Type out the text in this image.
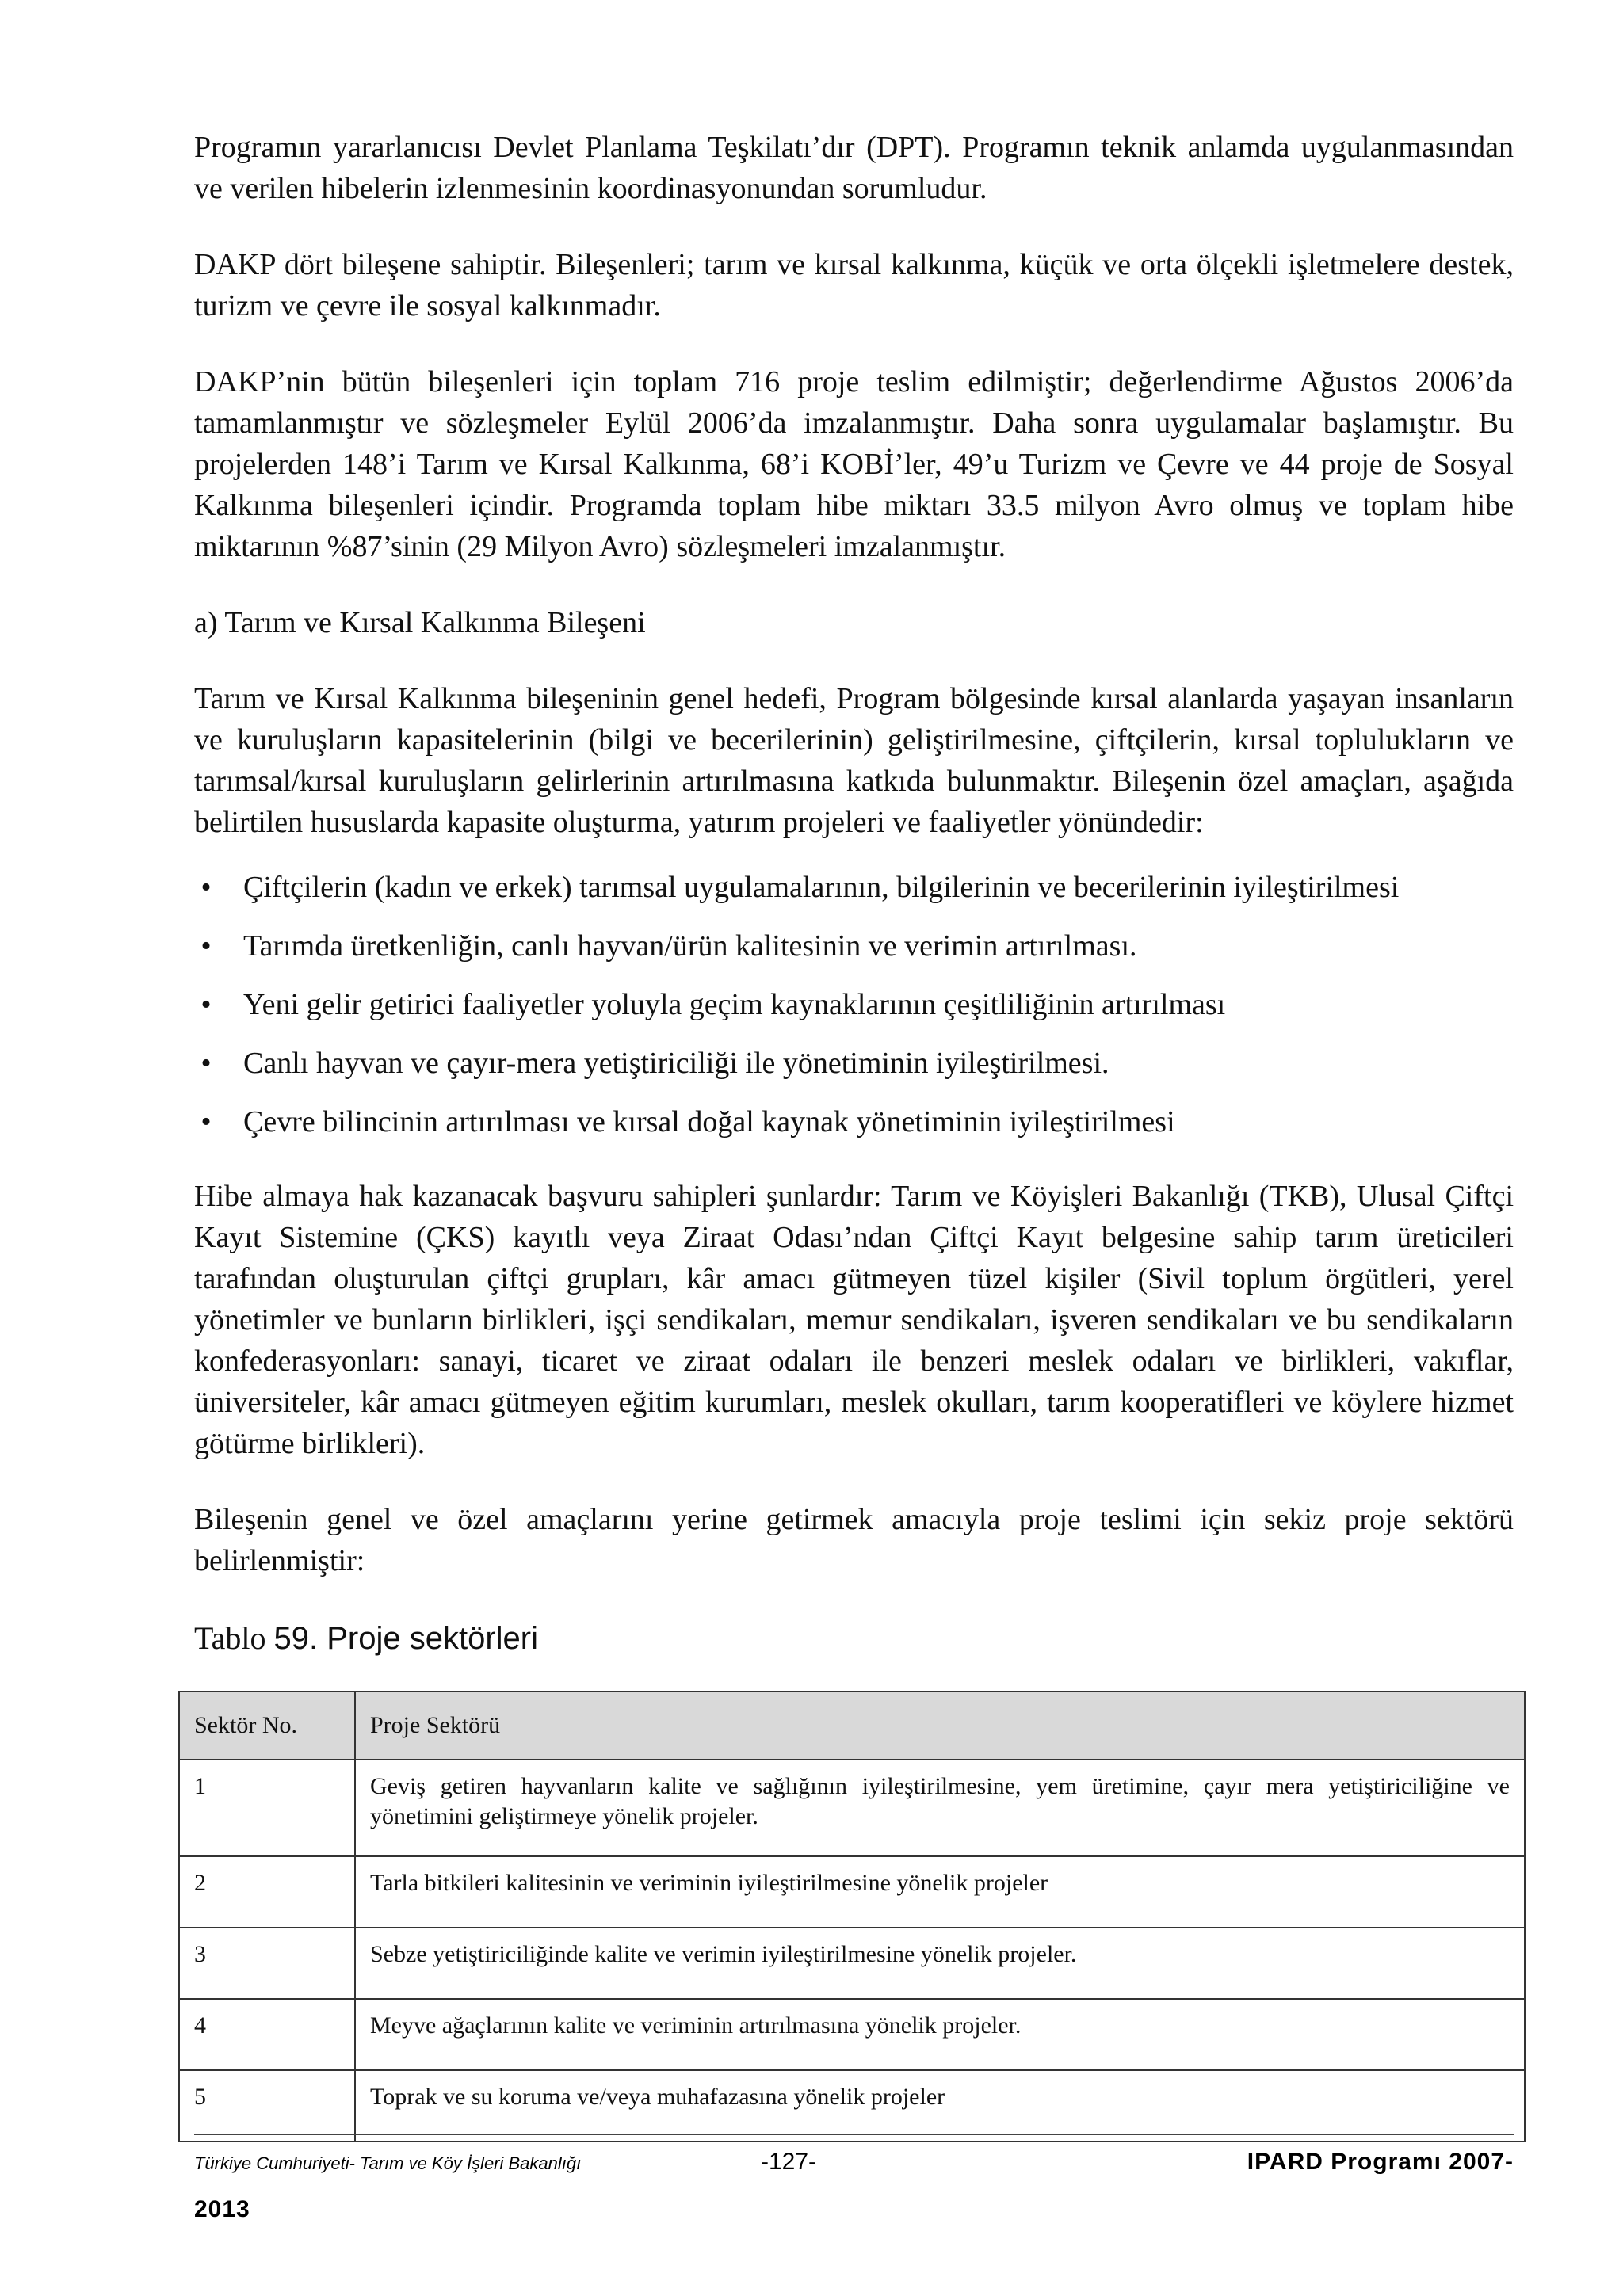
Programın yararlanıcısı Devlet Planlama Teşkilatı’dır (DPT). Programın teknik anlamda uygulanmasından ve verilen hibelerin izlenmesinin koordinasyonundan sorumludur.

DAKP dört bileşene sahiptir. Bileşenleri; tarım ve kırsal kalkınma, küçük ve orta ölçekli işletmelere destek, turizm ve çevre ile sosyal kalkınmadır.

DAKP’nin bütün bileşenleri için toplam 716 proje teslim edilmiştir; değerlendirme Ağustos 2006’da tamamlanmıştır ve sözleşmeler Eylül 2006’da imzalanmıştır. Daha sonra uygulamalar başlamıştır. Bu projelerden 148’i Tarım ve Kırsal Kalkınma, 68’i KOBİ’ler, 49’u Turizm ve Çevre ve 44 proje de Sosyal Kalkınma bileşenleri içindir. Programda toplam hibe miktarı 33.5 milyon Avro olmuş ve toplam hibe miktarının %87’sinin (29 Milyon Avro) sözleşmeleri imzalanmıştır.

a) Tarım ve Kırsal Kalkınma Bileşeni

Tarım ve Kırsal Kalkınma bileşeninin genel hedefi, Program bölgesinde kırsal alanlarda yaşayan insanların ve kuruluşların kapasitelerinin (bilgi ve becerilerinin) geliştirilmesine, çiftçilerin, kırsal toplulukların ve tarımsal/kırsal kuruluşların gelirlerinin artırılmasına katkıda bulunmaktır. Bileşenin özel amaçları, aşağıda belirtilen hususlarda kapasite oluşturma, yatırım projeleri ve faaliyetler yönündedir:

• Çiftçilerin (kadın ve erkek) tarımsal uygulamalarının, bilgilerinin ve becerilerinin iyileştirilmesi
• Tarımda üretkenliğin, canlı hayvan/ürün kalitesinin ve verimin artırılması.
• Yeni gelir getirici faaliyetler yoluyla geçim kaynaklarının çeşitliliğinin artırılması
• Canlı hayvan ve çayır-mera yetiştiriciliği ile yönetiminin iyileştirilmesi.
• Çevre bilincinin artırılması ve kırsal doğal kaynak yönetiminin iyileştirilmesi

Hibe almaya hak kazanacak başvuru sahipleri şunlardır: Tarım ve Köyişleri Bakanlığı (TKB), Ulusal Çiftçi Kayıt Sistemine (ÇKS) kayıtlı veya Ziraat Odası’ndan Çiftçi Kayıt belgesine sahip tarım üreticileri tarafından oluşturulan çiftçi grupları, kâr amacı gütmeyen tüzel kişiler (Sivil toplum örgütleri, yerel yönetimler ve bunların birlikleri, işçi sendikaları, memur sendikaları, işveren sendikaları ve bu sendikaların konfederasyonları: sanayi, ticaret ve ziraat odaları ile benzeri meslek odaları ve birlikleri, vakıflar, üniversiteler, kâr amacı gütmeyen eğitim kurumları, meslek okulları, tarım kooperatifleri ve köylere hizmet götürme birlikleri).

Bileşenin genel ve özel amaçlarını yerine getirmek amacıyla proje teslimi için sekiz proje sektörü belirlenmiştir:

Tablo 59. Proje sektörleri
Sektör No.	Proje Sektörü
1	Geviş getiren hayvanların kalite ve sağlığının iyileştirilmesine, yem üretimine, çayır mera yetiştiriciliğine ve yönetimini geliştirmeye yönelik projeler.
2	Tarla bitkileri kalitesinin ve veriminin iyileştirilmesine yönelik projeler
3	Sebze yetiştiriciliğinde kalite ve verimin iyileştirilmesine yönelik projeler.
4	Meyve ağaçlarının kalite ve veriminin artırılmasına yönelik projeler.
5	Toprak ve su koruma ve/veya muhafazasına yönelik projeler
Türkiye Cumhuriyeti- Tarım ve Köy İşleri Bakanlığı	-127-	IPARD Programı 2007-
2013
